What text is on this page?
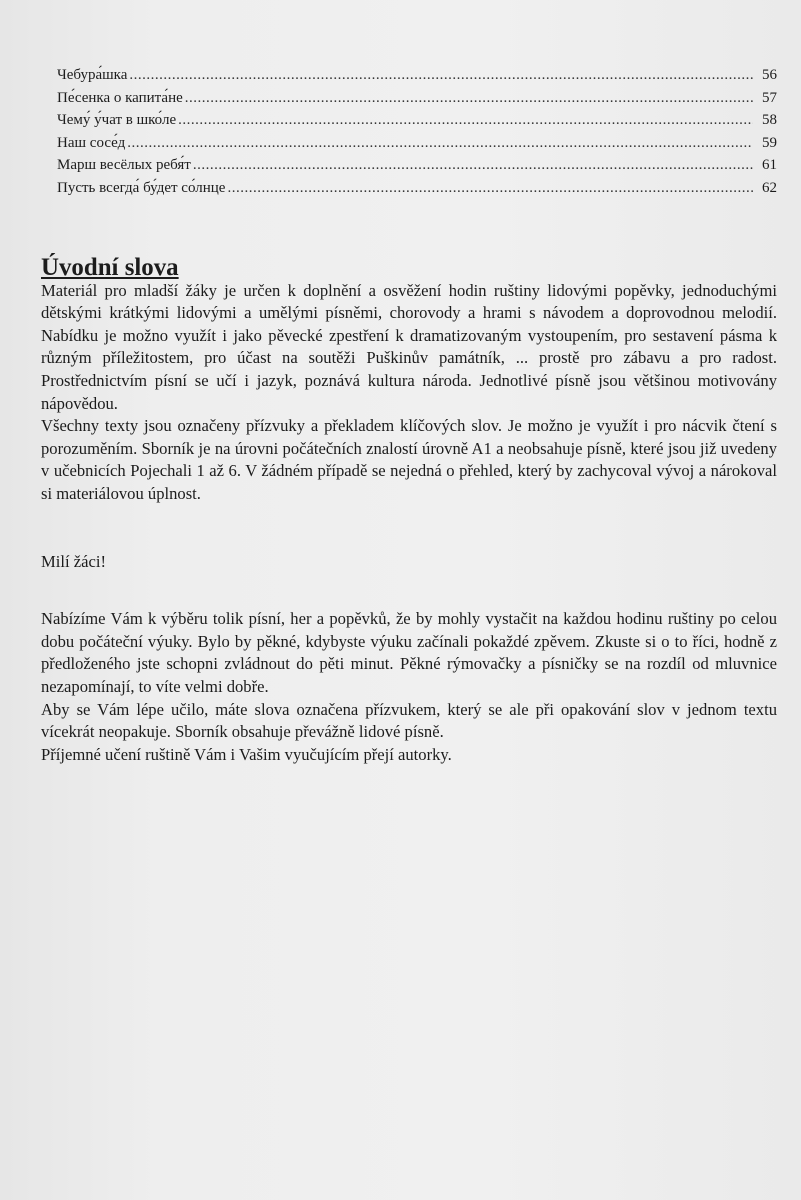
Чебура́шка .....	56
Пе́сенка о капита́не .....	57
Чему́ у́чат в шко́ле .....	58
Наш сосе́д .....	59
Марш весёлых ребя́т .....	61
Пусть всегда́ бу́дет со́лнце .....	62
Úvodní slova

Materiál pro mladší žáky je určen k doplnění a osvěžení hodin ruštiny lidovými popěvky, jednoduchými dětskými krátkými lidovými a umělými písněmi, chorovody a hrami s návodem a doprovodnou melodií. Nabídku je možno využít i jako pěvecké zpestření k dramatizovaným vystoupením, pro sestavení pásma k různým příležitostem, pro účast na soutěži Puškinův památník, ... prostě pro zábavu a pro radost. Prostřednictvím písní se učí i jazyk, poznává kultura národa. Jednotlivé písně jsou většinou motivovány nápovědou.

Všechny texty jsou označeny přízvuky a překladem klíčových slov. Je možno je využít i pro nácvik čtení s porozuměním. Sborník je na úrovni počátečních znalostí úrovně A1 a neobsahuje písně, které jsou již uvedeny v učebnicích Pojechali 1 až 6. V žádném případě se nejedná o přehled, který by zachycoval vývoj a nárokoval si materiálovou úplnost.

Milí žáci!

Nabízíme Vám k výběru tolik písní, her a popěvků, že by mohly vystačit na každou hodinu ruštiny po celou dobu počáteční výuky. Bylo by pěkné, kdybyste výuku začínali pokaždé zpěvem. Zkuste si o to říci, hodně z předloženého jste schopni zvládnout do pěti minut. Pěkné rýmovačky a písničky se na rozdíl od mluvnice nezapomínají, to víte velmi dobře.

Aby se Vám lépe učilo, máte slova označena přízvukem, který se ale při opakování slov v jednom textu vícekrát neopakuje. Sborník obsahuje převážně lidové písně.

Příjemné učení ruštině Vám i Vašim vyučujícím přejí autorky.
